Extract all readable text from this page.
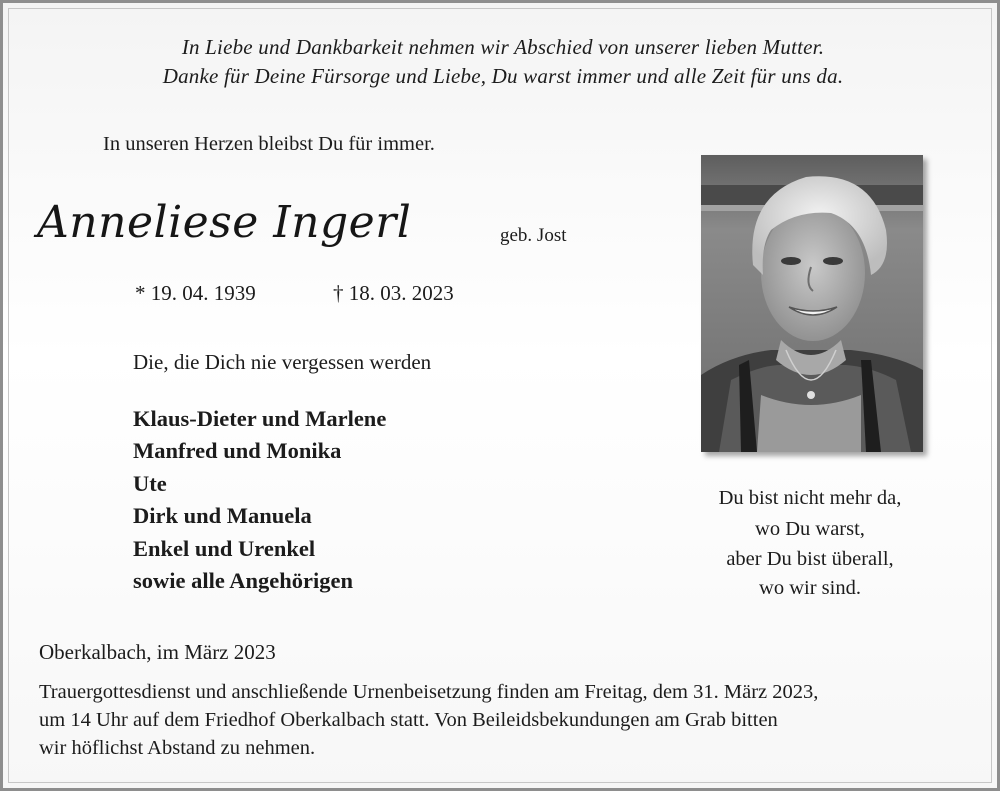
In Liebe und Dankbarkeit nehmen wir Abschied von unserer lieben Mutter.
Danke für Deine Fürsorge und Liebe, Du warst immer und alle Zeit für uns da.
In unseren Herzen bleibst Du für immer.
Anneliese Ingerl	geb. Jost
* 19. 04. 1939	† 18. 03. 2023
Die, die Dich nie vergessen werden
Klaus-Dieter und Marlene
Manfred und Monika
Ute
Dirk und Manuela
Enkel und Urenkel
sowie alle Angehörigen
Du bist nicht mehr da,
wo Du warst,
aber Du bist überall,
wo wir sind.
Oberkalbach, im März 2023
Trauergottesdienst und anschließende Urnenbeisetzung finden am Freitag, dem 31. März 2023,
um 14 Uhr auf dem Friedhof Oberkalbach statt. Von Beileidsbekundungen am Grab bitten
wir höflichst Abstand zu nehmen.
